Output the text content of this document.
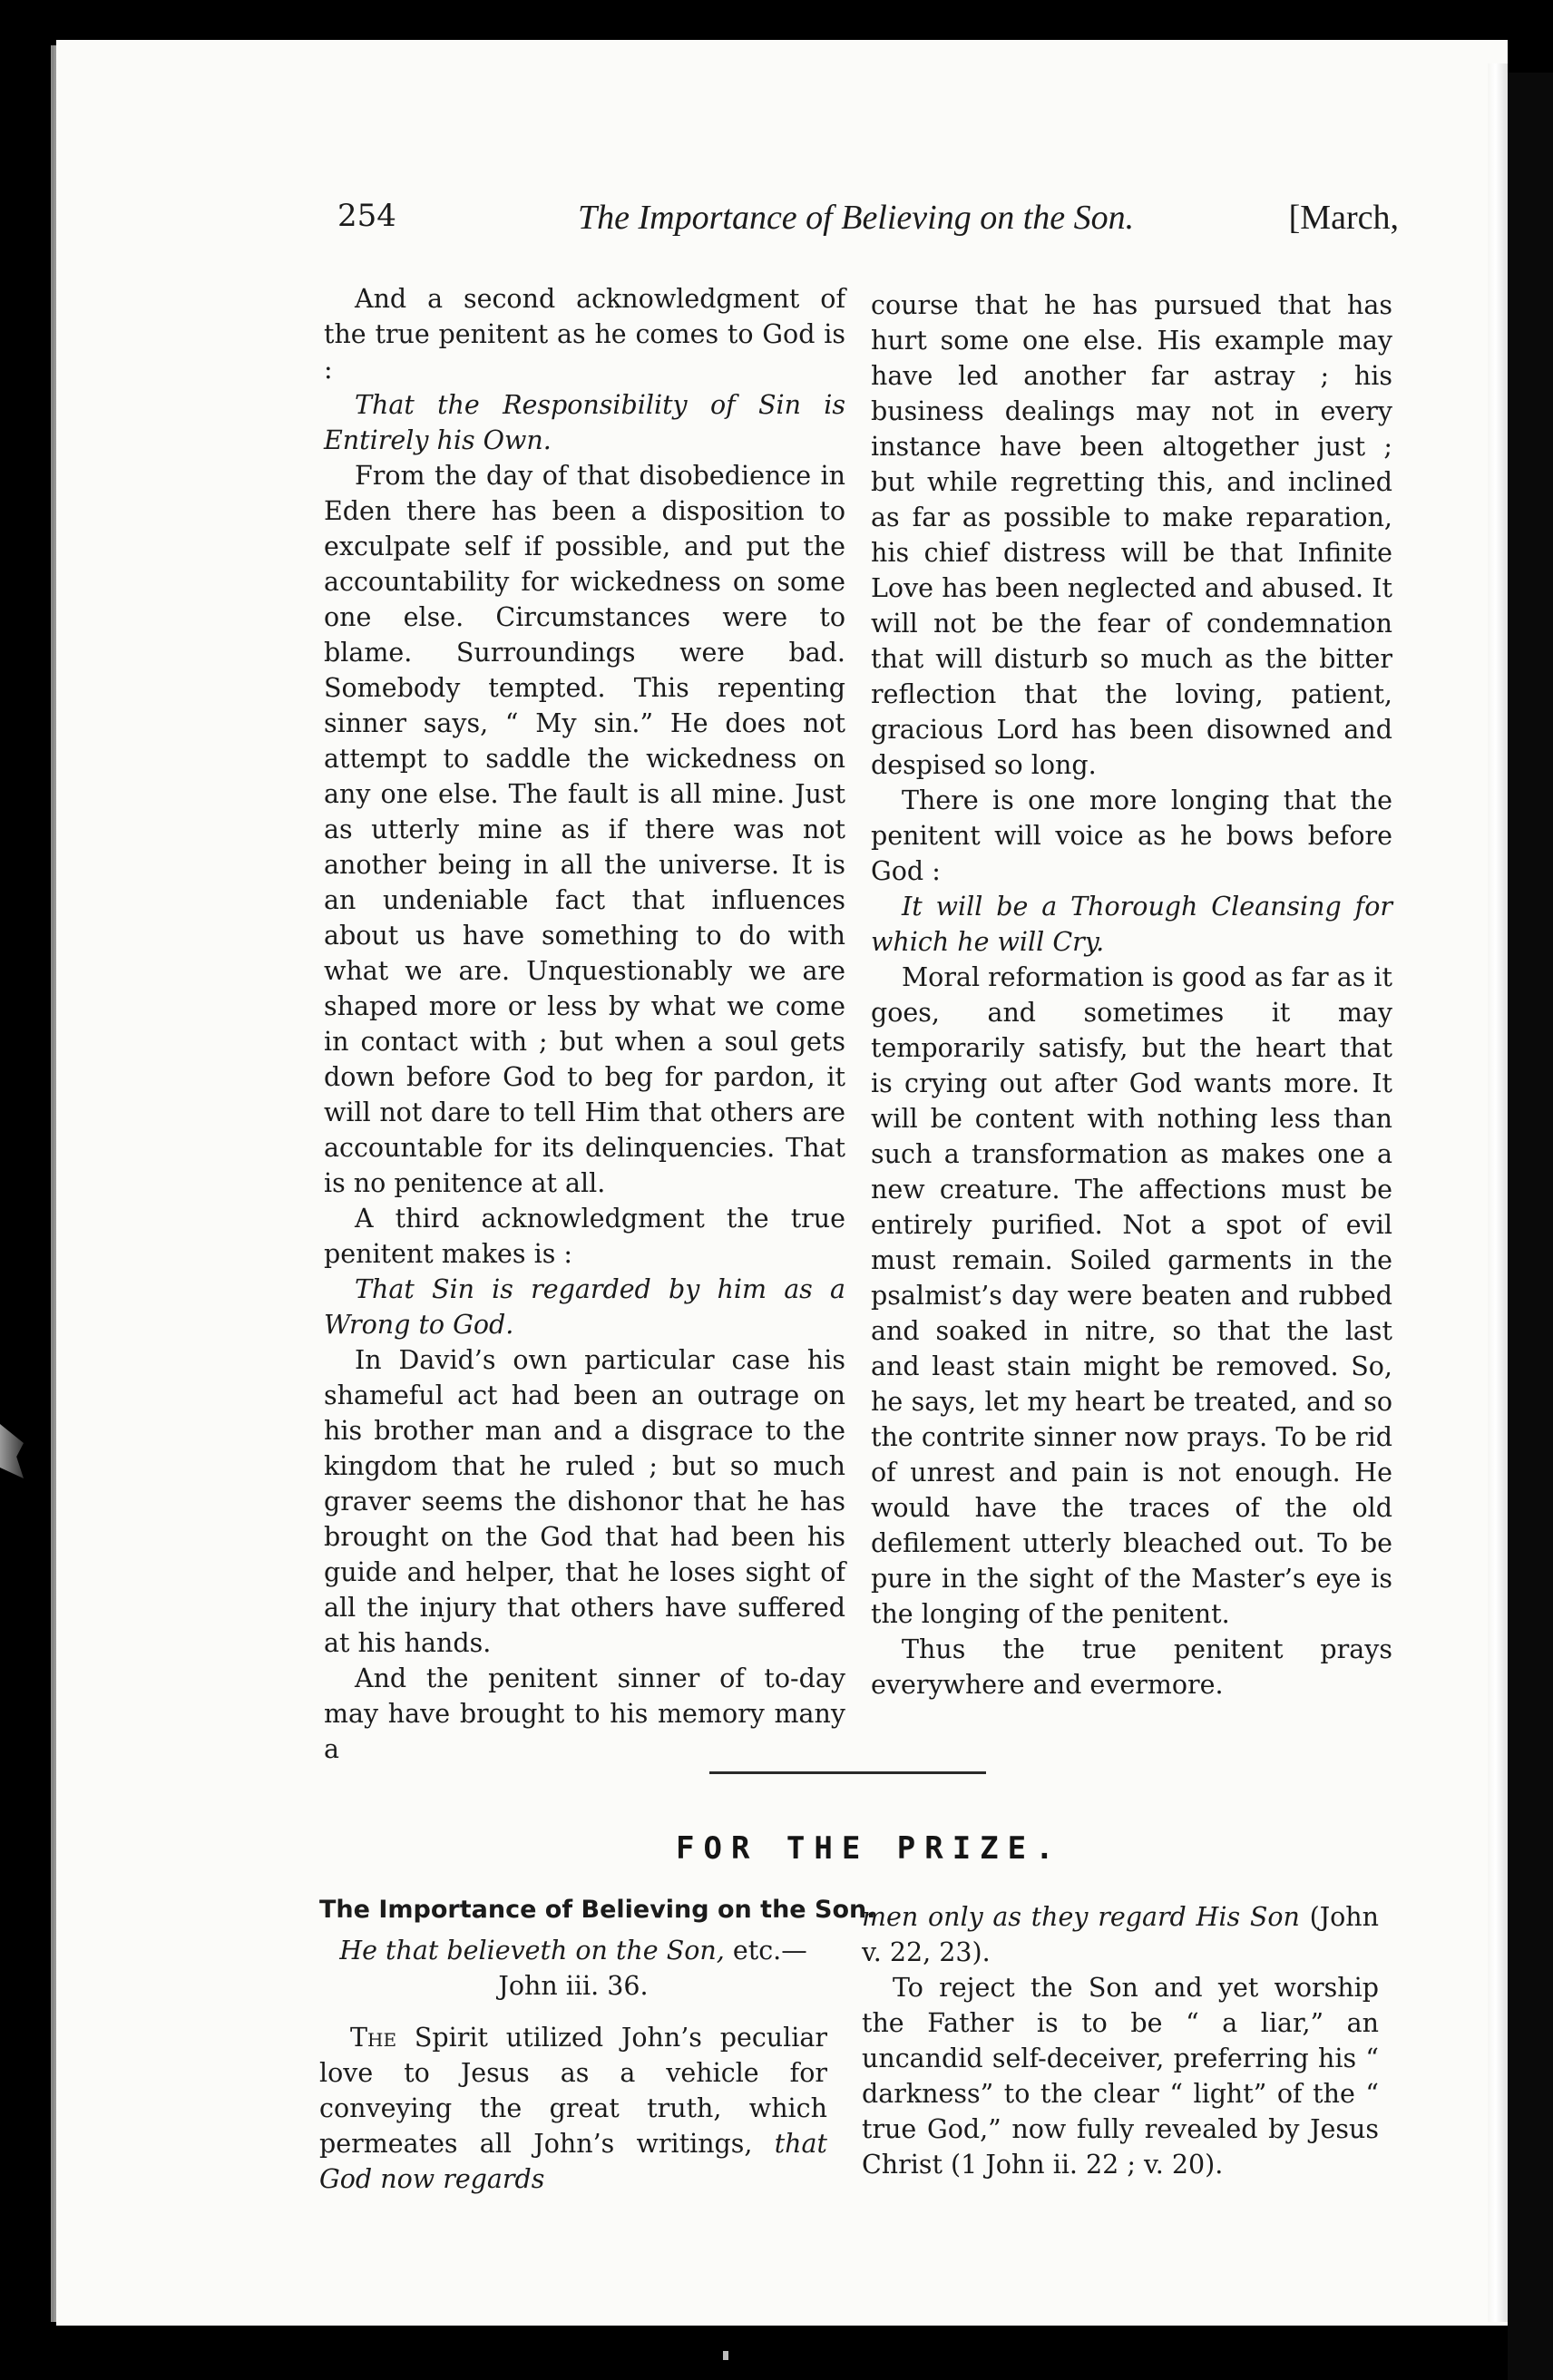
254	The Importance of Believing on the Son.	[March,

And a second acknowledgment of the true penitent as he comes to God is :

That the Responsibility of Sin is Entirely his Own.

From the day of that disobedience in Eden there has been a disposition to exculpate self if possible, and put the accountability for wickedness on some one else. Circumstances were to blame. Surroundings were bad. Somebody tempted. This repenting sinner says, “ My sin.” He does not attempt to saddle the wickedness on any one else. The fault is all mine. Just as utterly mine as if there was not another being in all the universe. It is an undeniable fact that influences about us have something to do with what we are. Unquestionably we are shaped more or less by what we come in contact with ; but when a soul gets down before God to beg for pardon, it will not dare to tell Him that others are accountable for its delinquencies. That is no penitence at all.

A third acknowledgment the true penitent makes is :

That Sin is regarded by him as a Wrong to God.

In David’s own particular case his shameful act had been an outrage on his brother man and a disgrace to the kingdom that he ruled ; but so much graver seems the dishonor that he has brought on the God that had been his guide and helper, that he loses sight of all the injury that others have suffered at his hands.

And the penitent sinner of to-day may have brought to his memory many a

course that he has pursued that has hurt some one else. His example may have led another far astray ; his business dealings may not in every instance have been altogether just ; but while regretting this, and inclined as far as possible to make reparation, his chief distress will be that Infinite Love has been neglected and abused. It will not be the fear of condemnation that will disturb so much as the bitter reflection that the loving, patient, gracious Lord has been disowned and despised so long.

There is one more longing that the penitent will voice as he bows before God :

It will be a Thorough Cleansing for which he will Cry.

Moral reformation is good as far as it goes, and sometimes it may temporarily satisfy, but the heart that is crying out after God wants more. It will be content with nothing less than such a transformation as makes one a new creature. The affections must be entirely purified. Not a spot of evil must remain. Soiled garments in the psalmist’s day were beaten and rubbed and soaked in nitre, so that the last and least stain might be removed. So, he says, let my heart be treated, and so the contrite sinner now prays. To be rid of unrest and pain is not enough. He would have the traces of the old defilement utterly bleached out. To be pure in the sight of the Master’s eye is the longing of the penitent.

Thus the true penitent prays everywhere and evermore.

FOR THE PRIZE.
The Importance of Believing on the Son.
He that believeth on the Son, etc.—John iii. 36.

The Spirit utilized John’s peculiar love to Jesus as a vehicle for conveying the great truth, which permeates all John’s writings, that God now regards

men only as they regard His Son (John v. 22, 23).

To reject the Son and yet worship the Father is to be “ a liar,” an uncandid self-deceiver, preferring his “ darkness” to the clear “ light” of the “ true God,” now fully revealed by Jesus Christ (1 John ii. 22 ; v. 20).
